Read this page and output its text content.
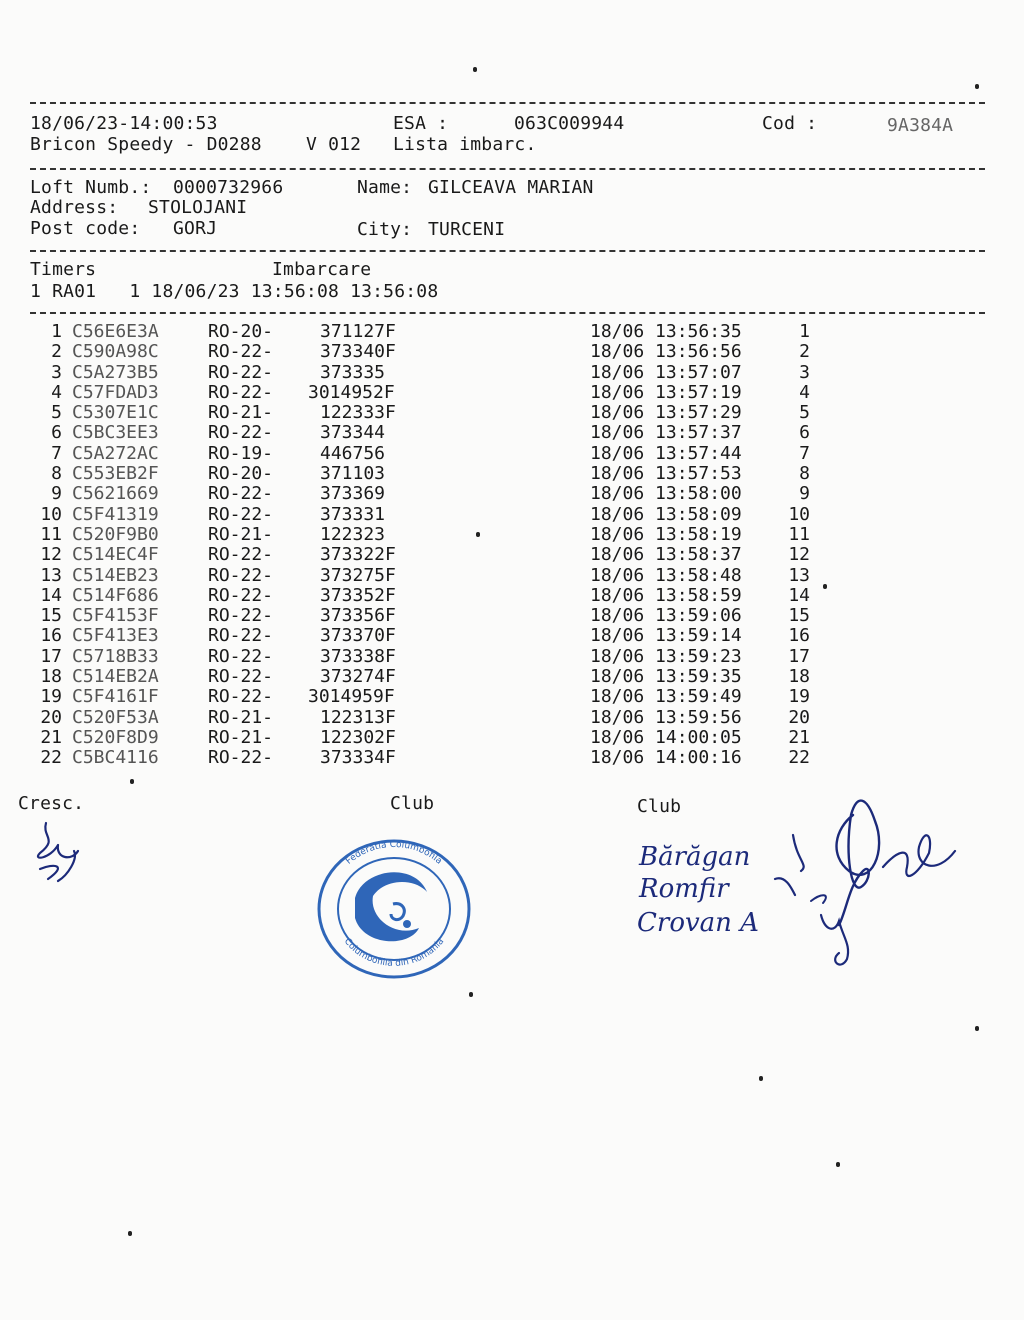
18/06/23-14:00:53	ESA :	063C009944	Cod :	9A384A
Bricon Speedy - D0288 V 012 Lista imbarc.
Loft Numb.: 0000732966	Name: GILCEAVA MARIAN
Address: STOLOJANI
Post code: GORJ	City: TURCENI
Timers	Imbarcare
1 RA01   1 18/06/23 13:56:08 13:56:08
1 C56E6E3A	RO-20-	371127F	18/06 13:56:35	1
2 C590A98C	RO-22-	373340F	18/06 13:56:56	2
3 C5A273B5	RO-22-	373335	18/06 13:57:07	3
4 C57FDAD3	RO-22- 3014952F	18/06 13:57:19	4
5 C5307E1C	RO-21-	122333F	18/06 13:57:29	5
6 C5BC3EE3	RO-22-	373344	18/06 13:57:37	6
7 C5A272AC	RO-19-	446756	18/06 13:57:44	7
8 C553EB2F	RO-20-	371103	18/06 13:57:53	8
9 C5621669	RO-22-	373369	18/06 13:58:00	9
10 C5F41319	RO-22-	373331	18/06 13:58:09	10
11 C520F9B0	RO-21-	122323	18/06 13:58:19	11
12 C514EC4F	RO-22-	373322F	18/06 13:58:37	12
13 C514EB23	RO-22-	373275F	18/06 13:58:48	13
14 C514F686	RO-22-	373352F	18/06 13:58:59	14
15 C5F4153F	RO-22-	373356F	18/06 13:59:06	15
16 C5F413E3	RO-22-	373370F	18/06 13:59:14	16
17 C5718B33	RO-22-	373338F	18/06 13:59:23	17
18 C514EB2A	RO-22-	373274F	18/06 13:59:35	18
19 C5F4161F	RO-22- 3014959F	18/06 13:59:49	19
20 C520F53A	RO-21-	122313F	18/06 13:59:56	20
21 C520F8D9	RO-21-	122302F	18/06 14:00:05	21
22 C5BC4116	RO-22-	373334F	18/06 14:00:16	22
Cresc.	Club	Club
Federatia Columbofila
Columbofilia din Romania
Bărăgan
Romfir
Crovan A
